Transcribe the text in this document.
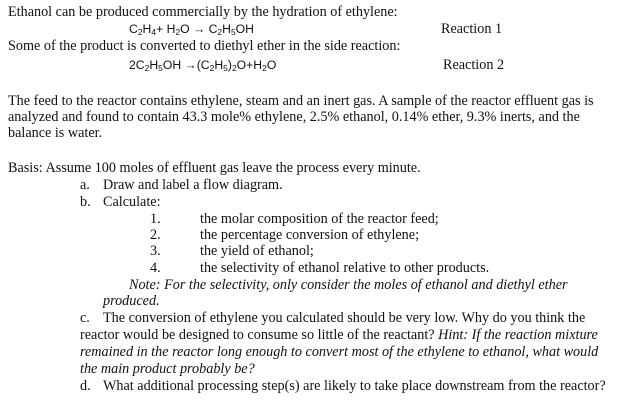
Ethanol can be produced commercially by the hydration of ethylene:
$C_2H_4+ H_2O \to C_2H_5OH$	Reaction 1
Some of the product is converted to diethyl ether in the side reaction:
$2C_2H_5OH \to(C_2H_5)_2O+H_2O$	Reaction 2
The feed to the reactor contains ethylene, steam and an inert gas. A sample of the reactor effluent gas is
analyzed and found to contain 43.3 mole% ethylene, 2.5% ethanol, 0.14% ether, 9.3% inerts, and the
balance is water.
Basis: Assume 100 moles of effluent gas leave the process every minute.
a. Draw and label a flow diagram.
b. Calculate:
1.	the molar composition of the reactor feed;
2.	the percentage conversion of ethylene;
3.	the yield of ethanol;
4.	the selectivity of ethanol relative to other products.
Note: For the selectivity, only consider the moles of ethanol and diethyl ether
produced.
c. The conversion of ethylene you calculated should be very low. Why do you think the
reactor would be designed to consume so little of the reactant? Hint: If the reaction mixture
remained in the reactor long enough to convert most of the ethylene to ethanol, what would
the main product probably be?
d. What additional processing step(s) are likely to take place downstream from the reactor?
